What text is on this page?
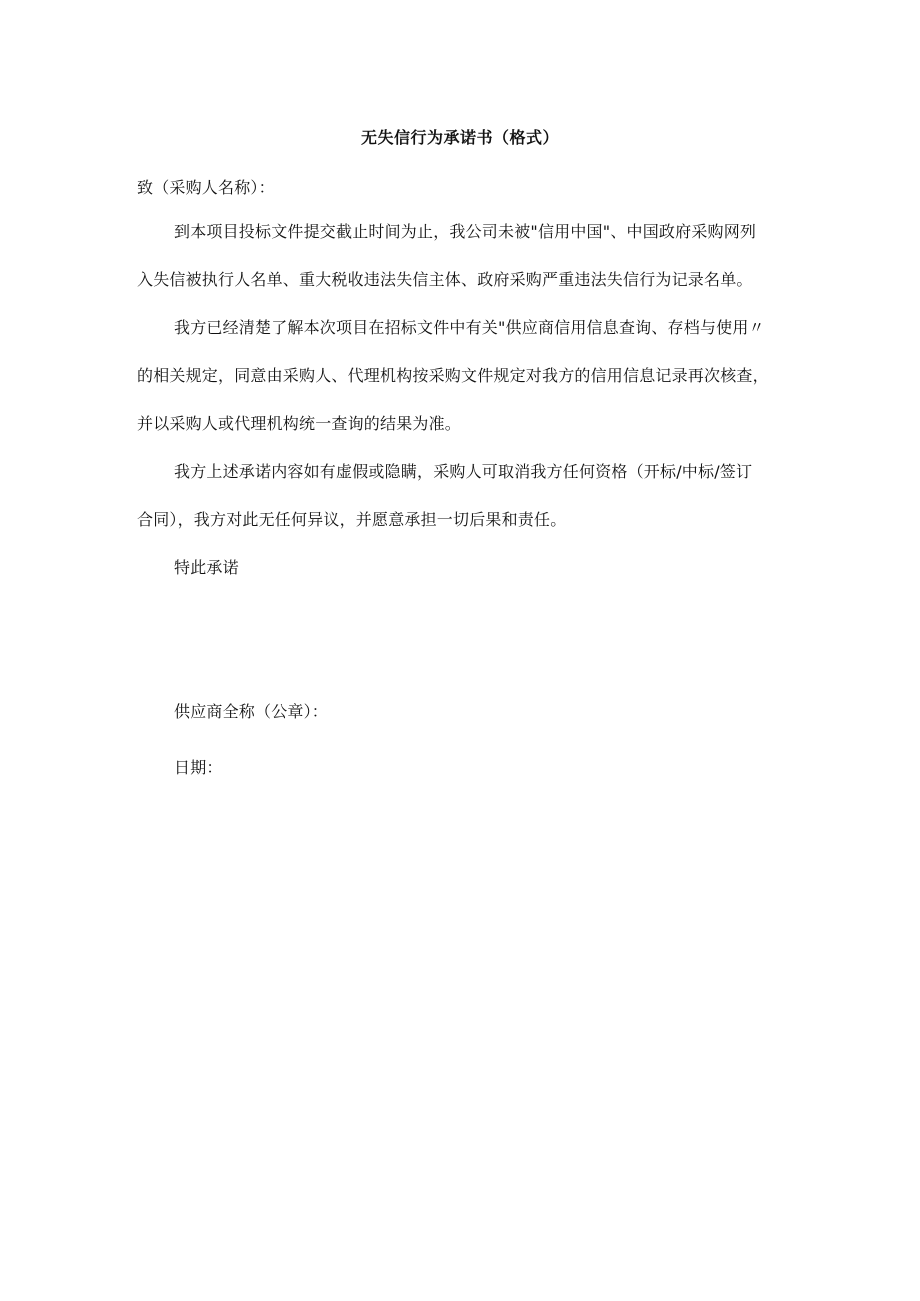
无失信行为承诺书（格式）
致（采购人名称）：
到本项目投标文件提交截止时间为止，我公司未被"信用中国"、中国政府采购网列
入失信被执行人名单、重大税收违法失信主体、政府采购严重违法失信行为记录名单。
我方已经清楚了解本次项目在招标文件中有关"供应商信用信息查询、存档与使用〃
的相关规定，同意由采购人、代理机构按采购文件规定对我方的信用信息记录再次核查，
并以采购人或代理机构统一查询的结果为准。
我方上述承诺内容如有虚假或隐瞒，采购人可取消我方任何资格（开标/中标/签订
合同），我方对此无任何异议，并愿意承担一切后果和责任。
特此承诺
供应商全称（公章）：
日期：
